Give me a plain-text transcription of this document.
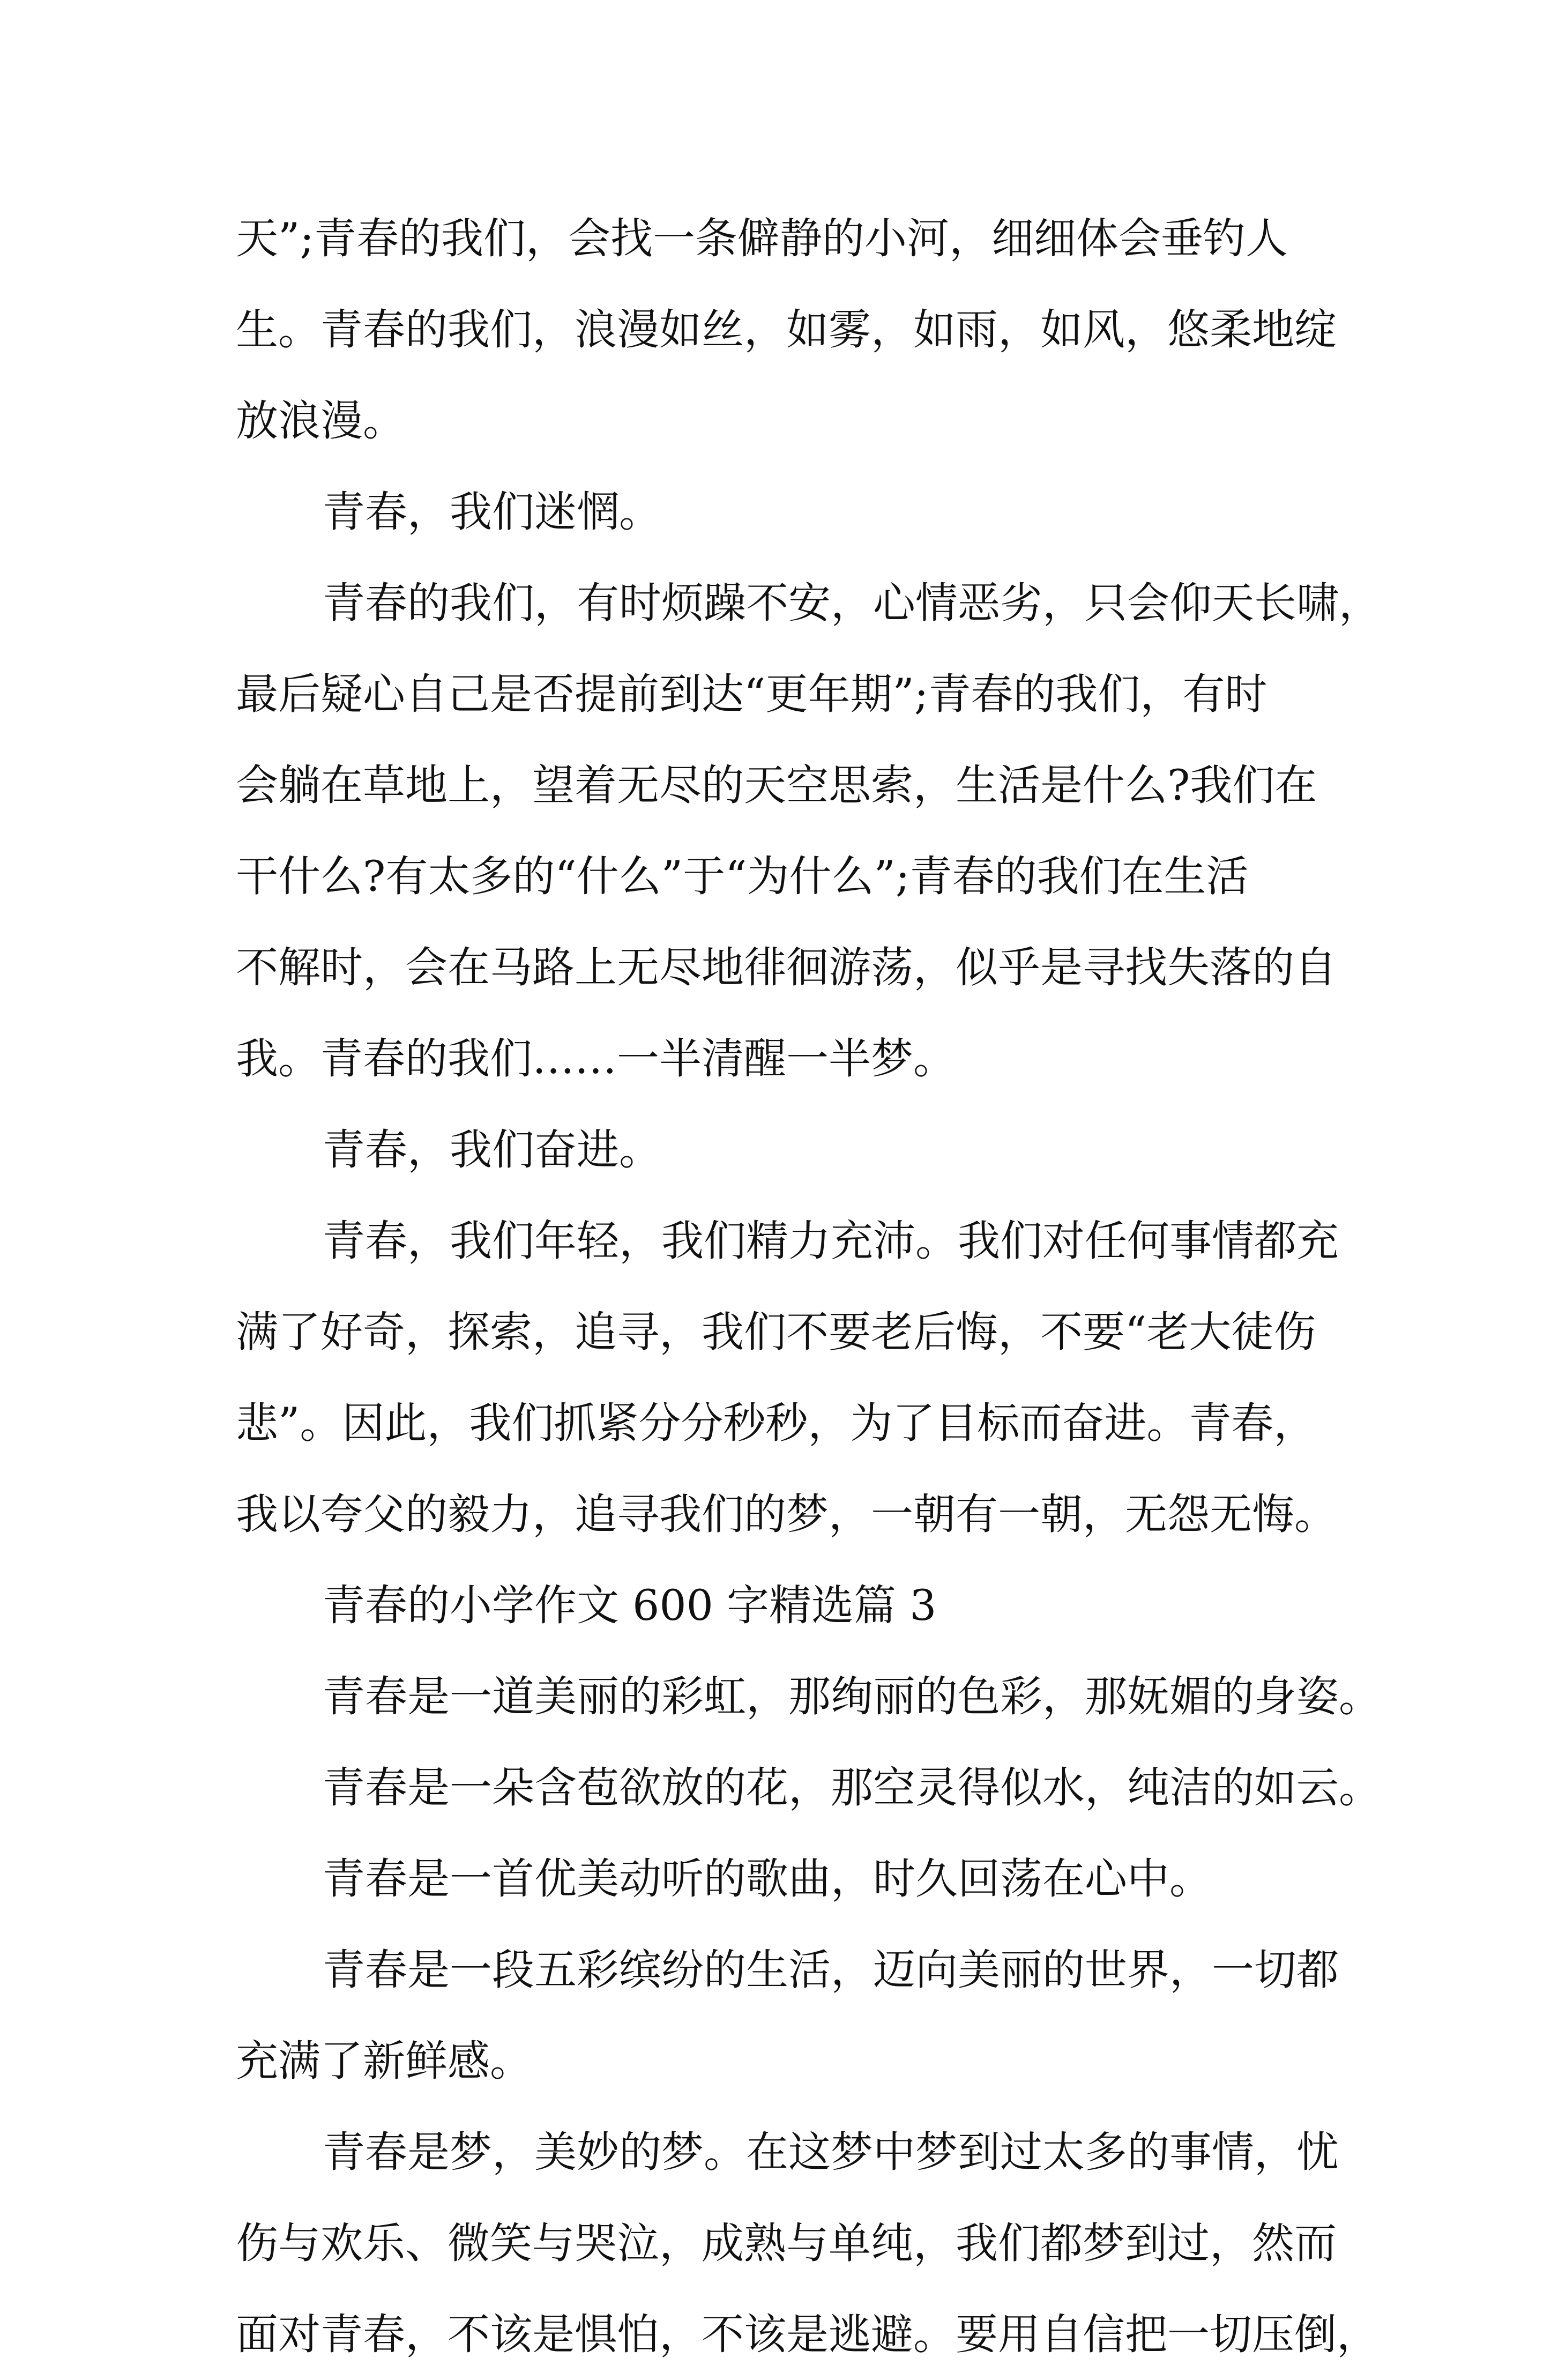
天”;青春的我们，会找一条僻静的小河，细细体会垂钓人
生。青春的我们，浪漫如丝，如雾，如雨，如风，悠柔地绽
放浪漫。
青春，我们迷惘。
青春的我们，有时烦躁不安，心情恶劣，只会仰天长啸，
最后疑心自己是否提前到达“更年期”;青春的我们，有时
会躺在草地上，望着无尽的天空思索，生活是什么?我们在
干什么?有太多的“什么”于“为什么”;青春的我们在生活
不解时，会在马路上无尽地徘徊游荡，似乎是寻找失落的自
我。青春的我们……一半清醒一半梦。
青春，我们奋进。
青春，我们年轻，我们精力充沛。我们对任何事情都充
满了好奇，探索，追寻，我们不要老后悔，不要“老大徒伤
悲”。因此，我们抓紧分分秒秒，为了目标而奋进。青春，
我以夸父的毅力，追寻我们的梦，一朝有一朝，无怨无悔。
青春的小学作文 600 字精选篇 3
青春是一道美丽的彩虹，那绚丽的色彩，那妩媚的身姿。
青春是一朵含苞欲放的花，那空灵得似水，纯洁的如云。
青春是一首优美动听的歌曲，时久回荡在心中。
青春是一段五彩缤纷的生活，迈向美丽的世界，一切都
充满了新鲜感。
青春是梦，美妙的梦。在这梦中梦到过太多的事情，忧
伤与欢乐、微笑与哭泣，成熟与单纯，我们都梦到过，然而
面对青春，不该是惧怕，不该是逃避。要用自信把一切压倒，
